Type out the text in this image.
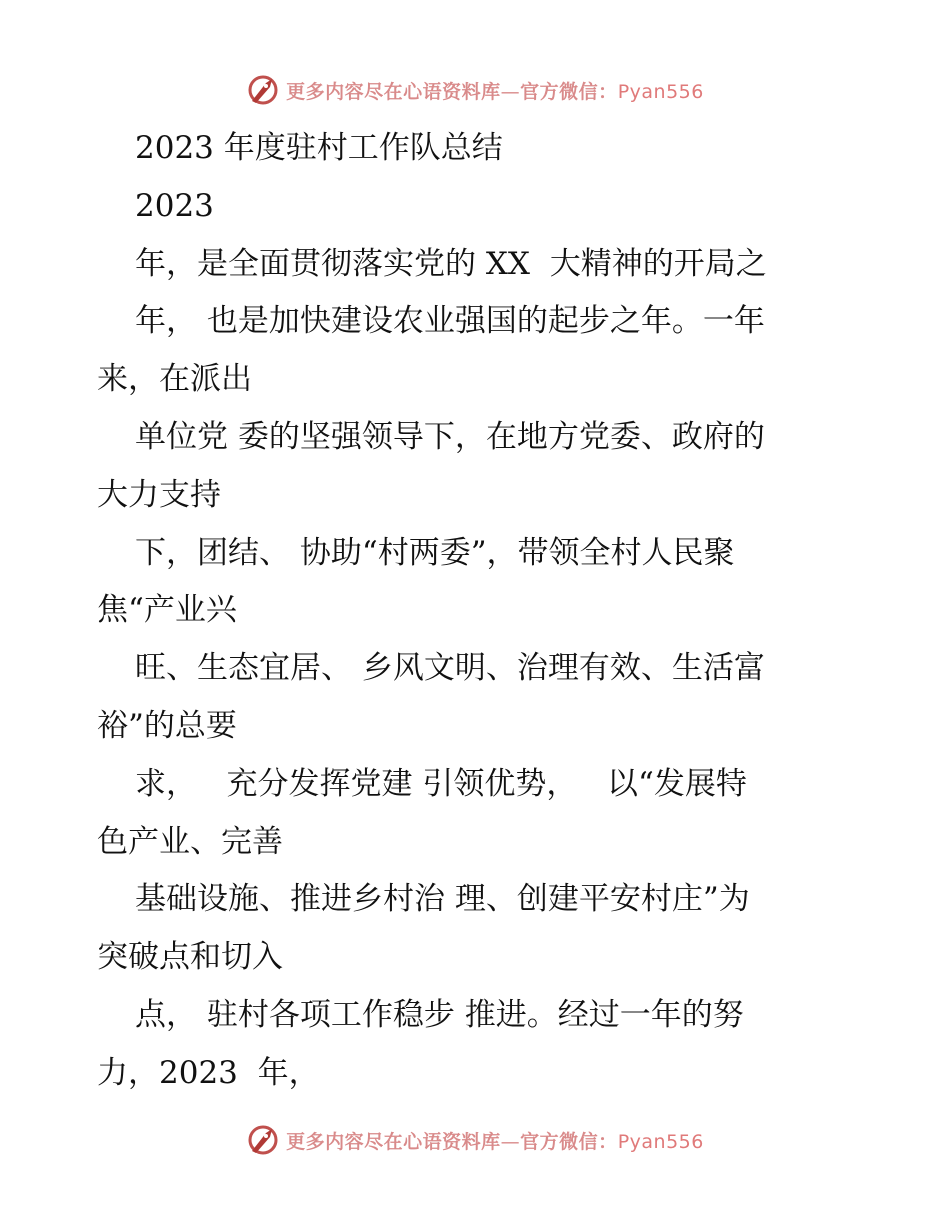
更多内容尽在心语资料库—官方微信：Pyan556
2023 年度驻村工作队总结
2023
年，是全面贯彻落实党的 XX  大精神的开局之
年， 也是加快建设农业强国的起步之年。一年
来，在派出
单位党 委的坚强领导下，在地方党委、政府的
大力支持
下，团结、 协助“村两委”，带领全村人民聚
焦“产业兴
旺、生态宜居、 乡风文明、治理有效、生活富
裕”的总要
求，   充分发挥党建 引领优势，   以“发展特
色产业、完善
基础设施、推进乡村治 理、创建平安村庄”为
突破点和切入
点， 驻村各项工作稳步 推进。经过一年的努
力，2023  年，
更多内容尽在心语资料库—官方微信：Pyan556
